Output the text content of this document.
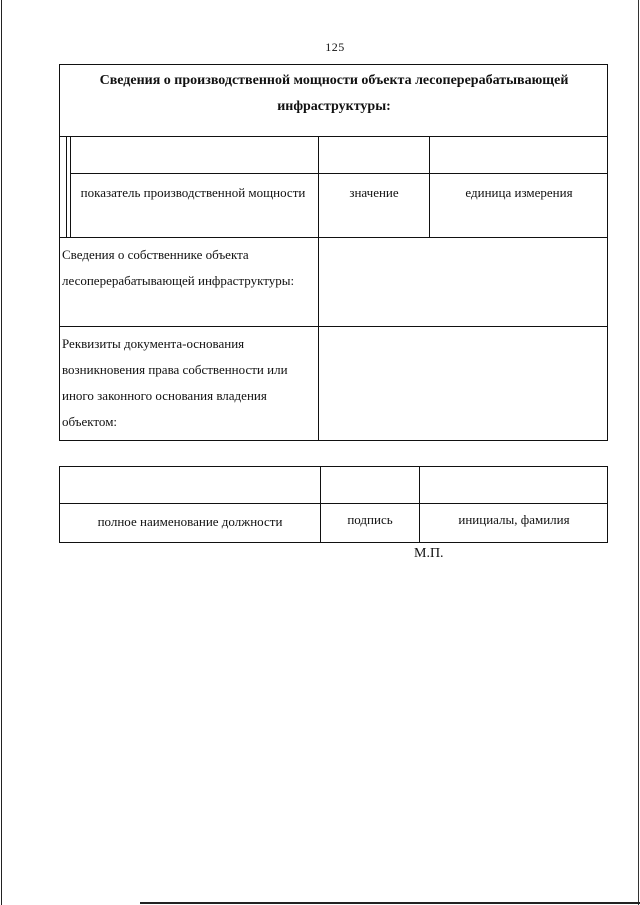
125
Сведения о производственной мощности объекта лесоперерабатывающей
инфраструктуры:
показатель производственной мощности	значение	единица измерения
Сведения о собственнике объекта лесоперерабатывающей инфраструктуры:
Реквизиты документа-основания возникновения права собственности или иного законного основания владения объектом:
полное наименование должности	подпись	инициалы, фамилия
М.П.
